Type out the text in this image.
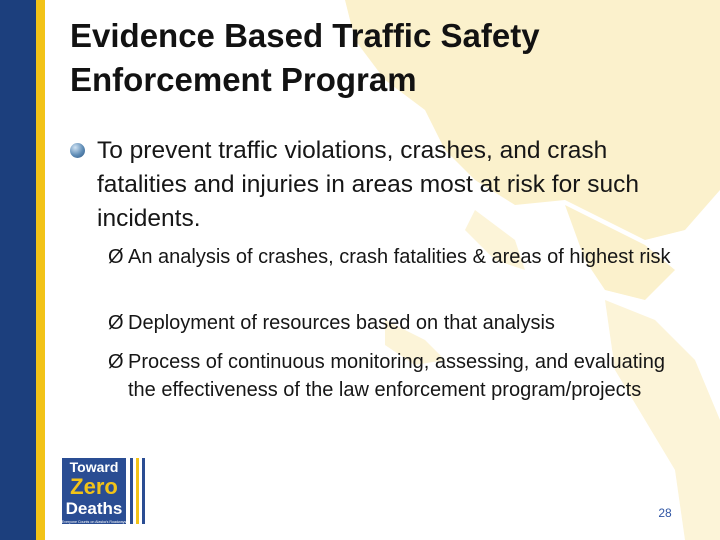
Evidence Based Traffic Safety
Enforcement Program
To prevent traffic violations, crashes, and crash fatalities and injuries in areas most at risk for such incidents.
Ø An analysis of crashes, crash fatalities & areas of highest risk
Ø Deployment of resources based on that analysis
Ø Process of continuous monitoring, assessing, and evaluating the effectiveness of the law enforcement program/projects
Toward
Zero
Deaths
Everyone Counts on Alaska's Roadways
28
